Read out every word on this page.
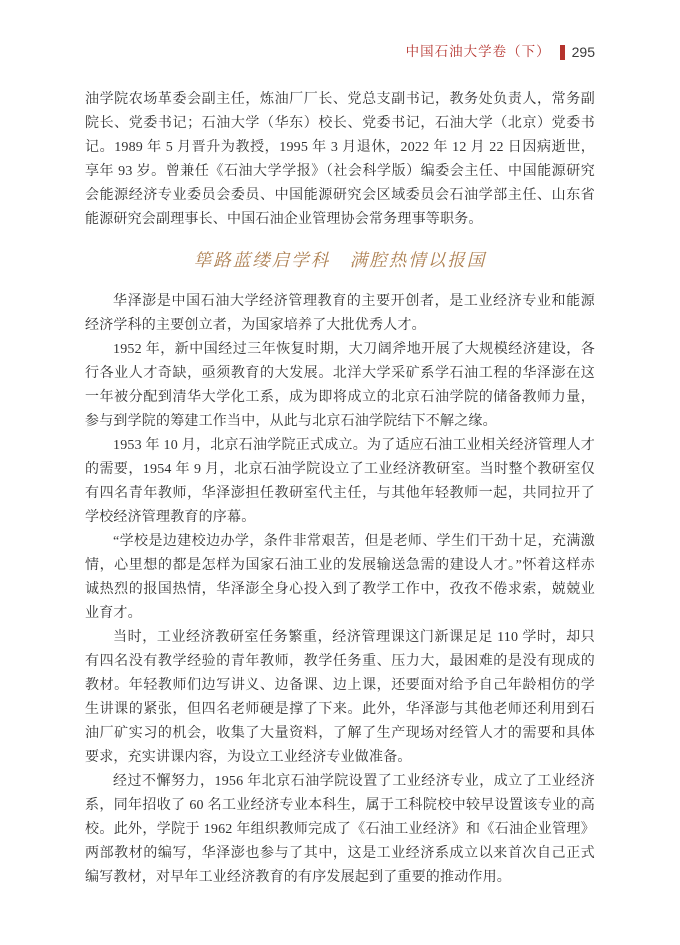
中国石油大学卷（下） 295

油学院农场革委会副主任，炼油厂厂长、党总支副书记，教务处负责人，常务副院长、党委书记；石油大学（华东）校长、党委书记，石油大学（北京）党委书记。1989 年 5 月晋升为教授，1995 年 3 月退休，2022 年 12 月 22 日因病逝世，享年 93 岁。曾兼任《石油大学学报》（社会科学版）编委会主任、中国能源研究会能源经济专业委员会委员、中国能源研究会区域委员会石油学部主任、山东省能源研究会副理事长、中国石油企业管理协会常务理事等职务。

筚路蓝缕启学科　满腔热情以报国

华泽澎是中国石油大学经济管理教育的主要开创者，是工业经济专业和能源经济学科的主要创立者，为国家培养了大批优秀人才。

1952 年，新中国经过三年恢复时期，大刀阔斧地开展了大规模经济建设，各行各业人才奇缺，亟须教育的大发展。北洋大学采矿系学石油工程的华泽澎在这一年被分配到清华大学化工系，成为即将成立的北京石油学院的储备教师力量，参与到学院的筹建工作当中，从此与北京石油学院结下不解之缘。

1953 年 10 月，北京石油学院正式成立。为了适应石油工业相关经济管理人才的需要，1954 年 9 月，北京石油学院设立了工业经济教研室。当时整个教研室仅有四名青年教师，华泽澎担任教研室代主任，与其他年轻教师一起，共同拉开了学校经济管理教育的序幕。

“学校是边建校边办学，条件非常艰苦，但是老师、学生们干劲十足，充满激情，心里想的都是怎样为国家石油工业的发展输送急需的建设人才。”怀着这样赤诚热烈的报国热情，华泽澎全身心投入到了教学工作中，孜孜不倦求索，兢兢业业育才。

当时，工业经济教研室任务繁重，经济管理课这门新课足足 110 学时，却只有四名没有教学经验的青年教师，教学任务重、压力大，最困难的是没有现成的教材。年轻教师们边写讲义、边备课、边上课，还要面对给予自己年龄相仿的学生讲课的紧张，但四名老师硬是撑了下来。此外，华泽澎与其他老师还利用到石油厂矿实习的机会，收集了大量资料，了解了生产现场对经管人才的需要和具体要求，充实讲课内容，为设立工业经济专业做准备。

经过不懈努力，1956 年北京石油学院设置了工业经济专业，成立了工业经济系，同年招收了 60 名工业经济专业本科生，属于工科院校中较早设置该专业的高校。此外，学院于 1962 年组织教师完成了《石油工业经济》和《石油企业管理》两部教材的编写，华泽澎也参与了其中，这是工业经济系成立以来首次自己正式编写教材，对早年工业经济教育的有序发展起到了重要的推动作用。
